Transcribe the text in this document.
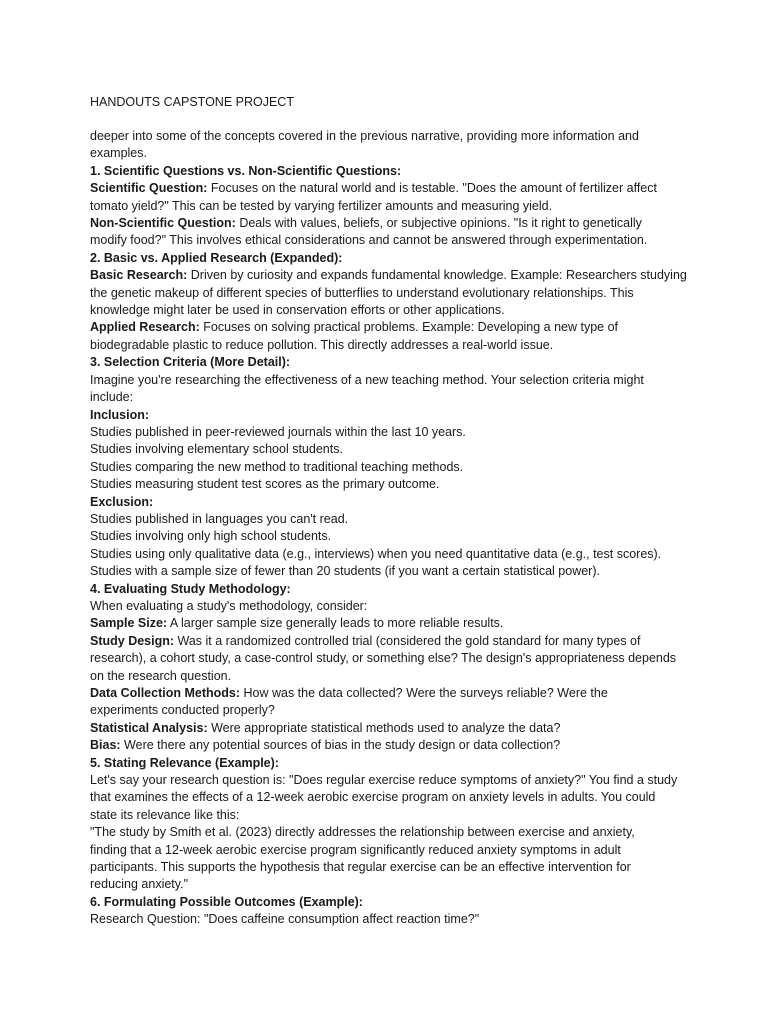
HANDOUTS CAPSTONE PROJECT
deeper into some of the concepts covered in the previous narrative, providing more information and
examples.
1. Scientific Questions vs. Non-Scientific Questions:
Scientific Question: Focuses on the natural world and is testable. "Does the amount of fertilizer affect
tomato yield?" This can be tested by varying fertilizer amounts and measuring yield.
Non-Scientific Question: Deals with values, beliefs, or subjective opinions. "Is it right to genetically
modify food?" This involves ethical considerations and cannot be answered through experimentation.
2. Basic vs. Applied Research (Expanded):
Basic Research: Driven by curiosity and expands fundamental knowledge. Example: Researchers studying
the genetic makeup of different species of butterflies to understand evolutionary relationships. This
knowledge might later be used in conservation efforts or other applications.
Applied Research: Focuses on solving practical problems. Example: Developing a new type of
biodegradable plastic to reduce pollution. This directly addresses a real-world issue.
3. Selection Criteria (More Detail):
Imagine you're researching the effectiveness of a new teaching method. Your selection criteria might
include:
Inclusion:
Studies published in peer-reviewed journals within the last 10 years.
Studies involving elementary school students.
Studies comparing the new method to traditional teaching methods.
Studies measuring student test scores as the primary outcome.
Exclusion:
Studies published in languages you can't read.
Studies involving only high school students.
Studies using only qualitative data (e.g., interviews) when you need quantitative data (e.g., test scores).
Studies with a sample size of fewer than 20 students (if you want a certain statistical power).
4. Evaluating Study Methodology:
When evaluating a study's methodology, consider:
Sample Size: A larger sample size generally leads to more reliable results.
Study Design: Was it a randomized controlled trial (considered the gold standard for many types of
research), a cohort study, a case-control study, or something else? The design's appropriateness depends
on the research question.
Data Collection Methods: How was the data collected? Were the surveys reliable? Were the
experiments conducted properly?
Statistical Analysis: Were appropriate statistical methods used to analyze the data?
Bias: Were there any potential sources of bias in the study design or data collection?
5. Stating Relevance (Example):
Let's say your research question is: "Does regular exercise reduce symptoms of anxiety?" You find a study
that examines the effects of a 12-week aerobic exercise program on anxiety levels in adults. You could
state its relevance like this:
"The study by Smith et al. (2023) directly addresses the relationship between exercise and anxiety,
finding that a 12-week aerobic exercise program significantly reduced anxiety symptoms in adult
participants. This supports the hypothesis that regular exercise can be an effective intervention for
reducing anxiety."
6. Formulating Possible Outcomes (Example):
Research Question: "Does caffeine consumption affect reaction time?"
